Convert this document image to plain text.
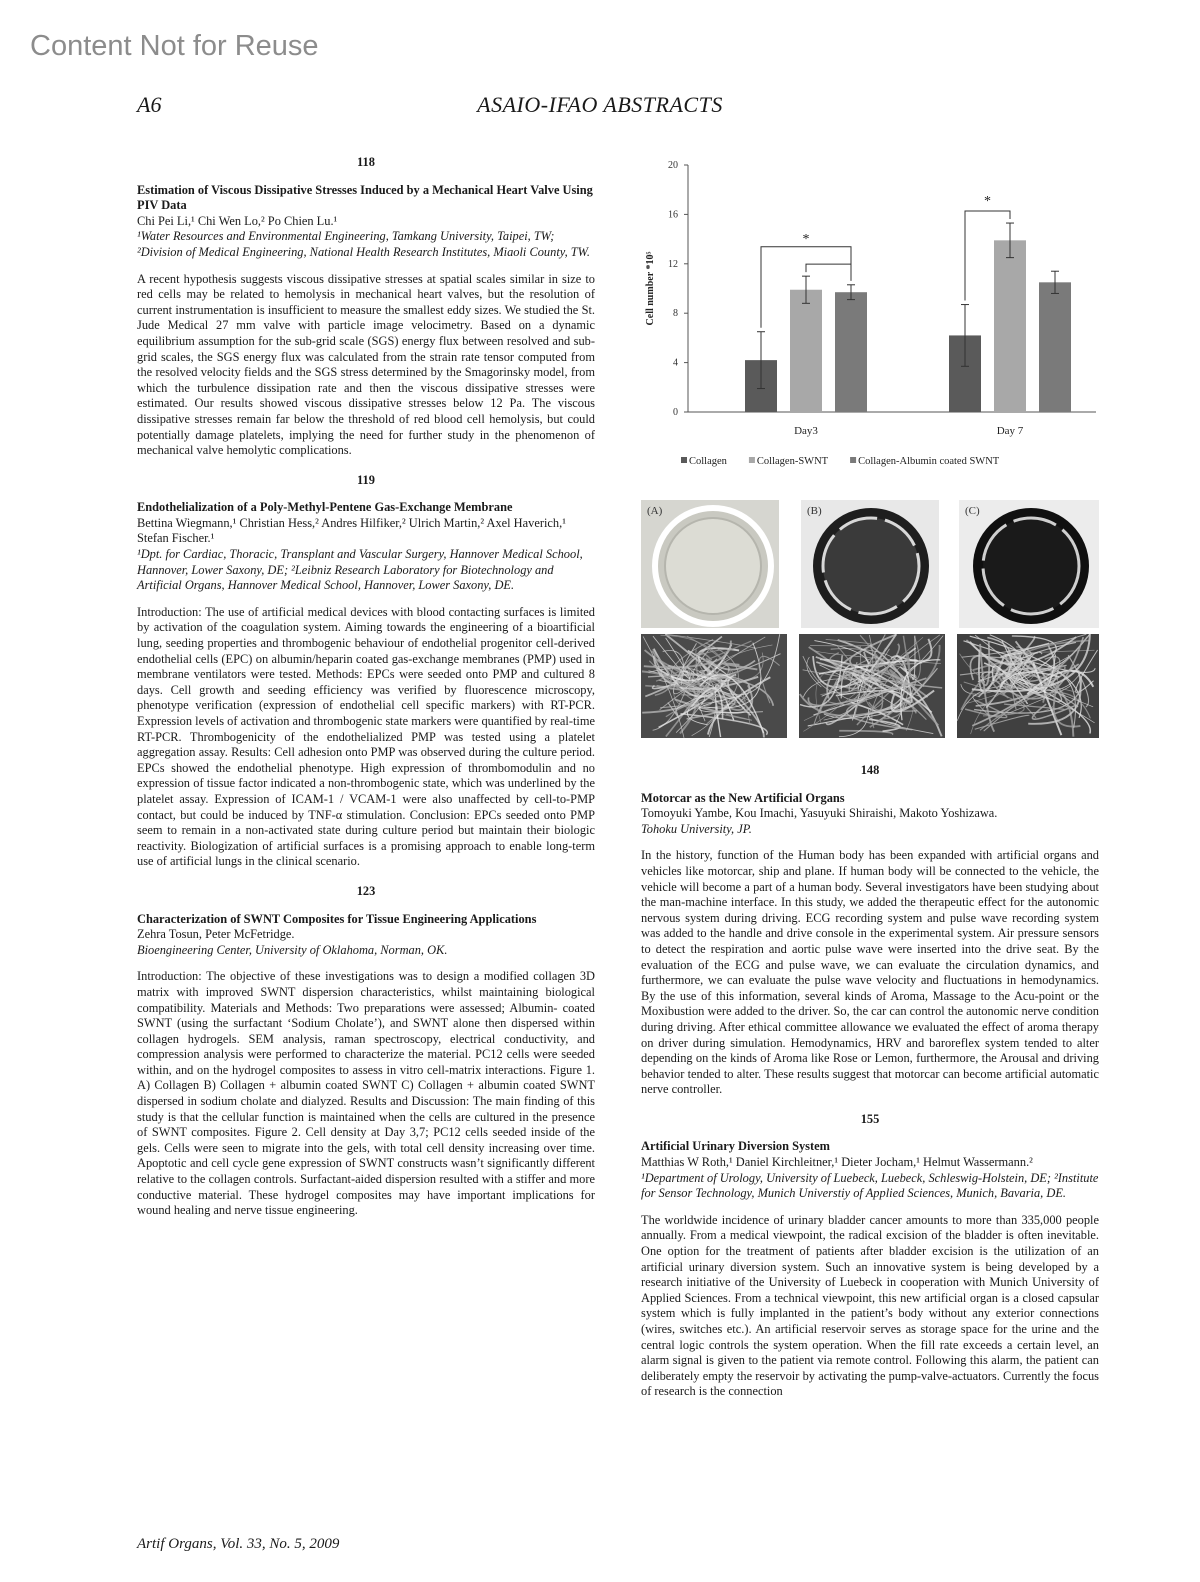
Content Not for Reuse
A6	ASAIO-IFAO ABSTRACTS
118
Estimation of Viscous Dissipative Stresses Induced by a Mechanical Heart Valve Using PIV Data
Chi Pei Li,¹ Chi Wen Lo,² Po Chien Lu.¹
¹Water Resources and Environmental Engineering, Tamkang University, Taipei, TW; ²Division of Medical Engineering, National Health Research Institutes, Miaoli County, TW.
A recent hypothesis suggests viscous dissipative stresses at spatial scales similar in size to red cells may be related to hemolysis in mechanical heart valves, but the resolution of current instrumentation is insufficient to measure the smallest eddy sizes. We studied the St. Jude Medical 27 mm valve with particle image velocimetry. Based on a dynamic equilibrium assumption for the sub-grid scale (SGS) energy flux between resolved and sub-grid scales, the SGS energy flux was calculated from the strain rate tensor computed from the resolved velocity fields and the SGS stress determined by the Smagorinsky model, from which the turbulence dissipation rate and then the viscous dissipative stresses were estimated. Our results showed viscous dissipative stresses below 12 Pa. The viscous dissipative stresses remain far below the threshold of red blood cell hemolysis, but could potentially damage platelets, implying the need for further study in the phenomenon of mechanical valve hemolytic complications.
119
Endothelialization of a Poly-Methyl-Pentene Gas-Exchange Membrane
Bettina Wiegmann,¹ Christian Hess,² Andres Hilfiker,² Ulrich Martin,² Axel Haverich,¹ Stefan Fischer.¹
¹Dpt. for Cardiac, Thoracic, Transplant and Vascular Surgery, Hannover Medical School, Hannover, Lower Saxony, DE; ²Leibniz Research Laboratory for Biotechnology and Artificial Organs, Hannover Medical School, Hannover, Lower Saxony, DE.
Introduction: The use of artificial medical devices with blood contacting surfaces is limited by activation of the coagulation system. Aiming towards the engineering of a bioartificial lung, seeding properties and thrombogenic behaviour of endothelial progenitor cell-derived endothelial cells (EPC) on albumin/heparin coated gas-exchange membranes (PMP) used in membrane ventilators were tested. Methods: EPCs were seeded onto PMP and cultured 8 days. Cell growth and seeding efficiency was verified by fluorescence microscopy, phenotype verification (expression of endothelial cell specific markers) with RT-PCR. Expression levels of activation and thrombogenic state markers were quantified by real-time RT-PCR. Thrombogenicity of the endothelialized PMP was tested using a platelet aggregation assay. Results: Cell adhesion onto PMP was observed during the culture period. EPCs showed the endothelial phenotype. High expression of thrombomodulin and no expression of tissue factor indicated a non-thrombogenic state, which was underlined by the platelet assay. Expression of ICAM-1 / VCAM-1 were also unaffected by cell-to-PMP contact, but could be induced by TNF-α stimulation. Conclusion: EPCs seeded onto PMP seem to remain in a non-activated state during culture period but maintain their biologic reactivity. Biologization of artificial surfaces is a promising approach to enable long-term use of artificial lungs in the clinical scenario.
123
Characterization of SWNT Composites for Tissue Engineering Applications
Zehra Tosun, Peter McFetridge.
Bioengineering Center, University of Oklahoma, Norman, OK.
Introduction: The objective of these investigations was to design a modified collagen 3D matrix with improved SWNT dispersion characteristics, whilst maintaining biological compatibility. Materials and Methods: Two preparations were assessed; Albumin- coated SWNT (using the surfactant ‘Sodium Cholate’), and SWNT alone then dispersed within collagen hydrogels. SEM analysis, raman spectroscopy, electrical conductivity, and compression analysis were performed to characterize the material. PC12 cells were seeded within, and on the hydrogel composites to assess in vitro cell-matrix interactions. Figure 1. A) Collagen B) Collagen + albumin coated SWNT C) Collagen + albumin coated SWNT dispersed in sodium cholate and dialyzed. Results and Discussion: The main finding of this study is that the cellular function is maintained when the cells are cultured in the presence of SWNT composites. Figure 2. Cell density at Day 3,7; PC12 cells seeded inside of the gels. Cells were seen to migrate into the gels, with total cell density increasing over time. Apoptotic and cell cycle gene expression of SWNT constructs wasn’t significantly different relative to the collagen controls. Surfactant-aided dispersion resulted with a stiffer and more conductive material. These hydrogel composites may have important implications for wound healing and nerve tissue engineering.
0
4
8
12
16
20
Cell number *10⁵
Day3	Day 7
*
*
Collagen	Collagen-SWNT	Collagen-Albumin coated SWNT
(A)	(B)	(C)
148
Motorcar as the New Artificial Organs
Tomoyuki Yambe, Kou Imachi, Yasuyuki Shiraishi, Makoto Yoshizawa.
Tohoku University, JP.
In the history, function of the Human body has been expanded with artificial organs and vehicles like motorcar, ship and plane. If human body will be connected to the vehicle, the vehicle will become a part of a human body. Several investigators have been studying about the man-machine interface. In this study, we added the therapeutic effect for the autonomic nervous system during driving. ECG recording system and pulse wave recording system was added to the handle and drive console in the experimental system. Air pressure sensors to detect the respiration and aortic pulse wave were inserted into the drive seat. By the evaluation of the ECG and pulse wave, we can evaluate the circulation dynamics, and furthermore, we can evaluate the pulse wave velocity and fluctuations in hemodynamics. By the use of this information, several kinds of Aroma, Massage to the Acu-point or the Moxibustion were added to the driver. So, the car can control the autonomic nerve condition during driving. After ethical committee allowance we evaluated the effect of aroma therapy on driver during simulation. Hemodynamics, HRV and baroreflex system tended to alter depending on the kinds of Aroma like Rose or Lemon, furthermore, the Arousal and driving behavior tended to alter. These results suggest that motorcar can become artificial automatic nerve controller.
155
Artificial Urinary Diversion System
Matthias W Roth,¹ Daniel Kirchleitner,¹ Dieter Jocham,¹ Helmut Wassermann.²
¹Department of Urology, University of Luebeck, Luebeck, Schleswig-Holstein, DE; ²Institute for Sensor Technology, Munich Universtiy of Applied Sciences, Munich, Bavaria, DE.
The worldwide incidence of urinary bladder cancer amounts to more than 335,000 people annually. From a medical viewpoint, the radical excision of the bladder is often inevitable. One option for the treatment of patients after bladder excision is the utilization of an artificial urinary diversion system. Such an innovative system is being developed by a research initiative of the University of Luebeck in cooperation with Munich University of Applied Sciences. From a technical viewpoint, this new artificial organ is a closed capsular system which is fully implanted in the patient’s body without any exterior connections (wires, switches etc.). An artificial reservoir serves as storage space for the urine and the central logic controls the system operation. When the fill rate exceeds a certain level, an alarm signal is given to the patient via remote control. Following this alarm, the patient can deliberately empty the reservoir by activating the pump-valve-actuators. Currently the focus of research is the connection
Artif Organs, Vol. 33, No. 5, 2009
